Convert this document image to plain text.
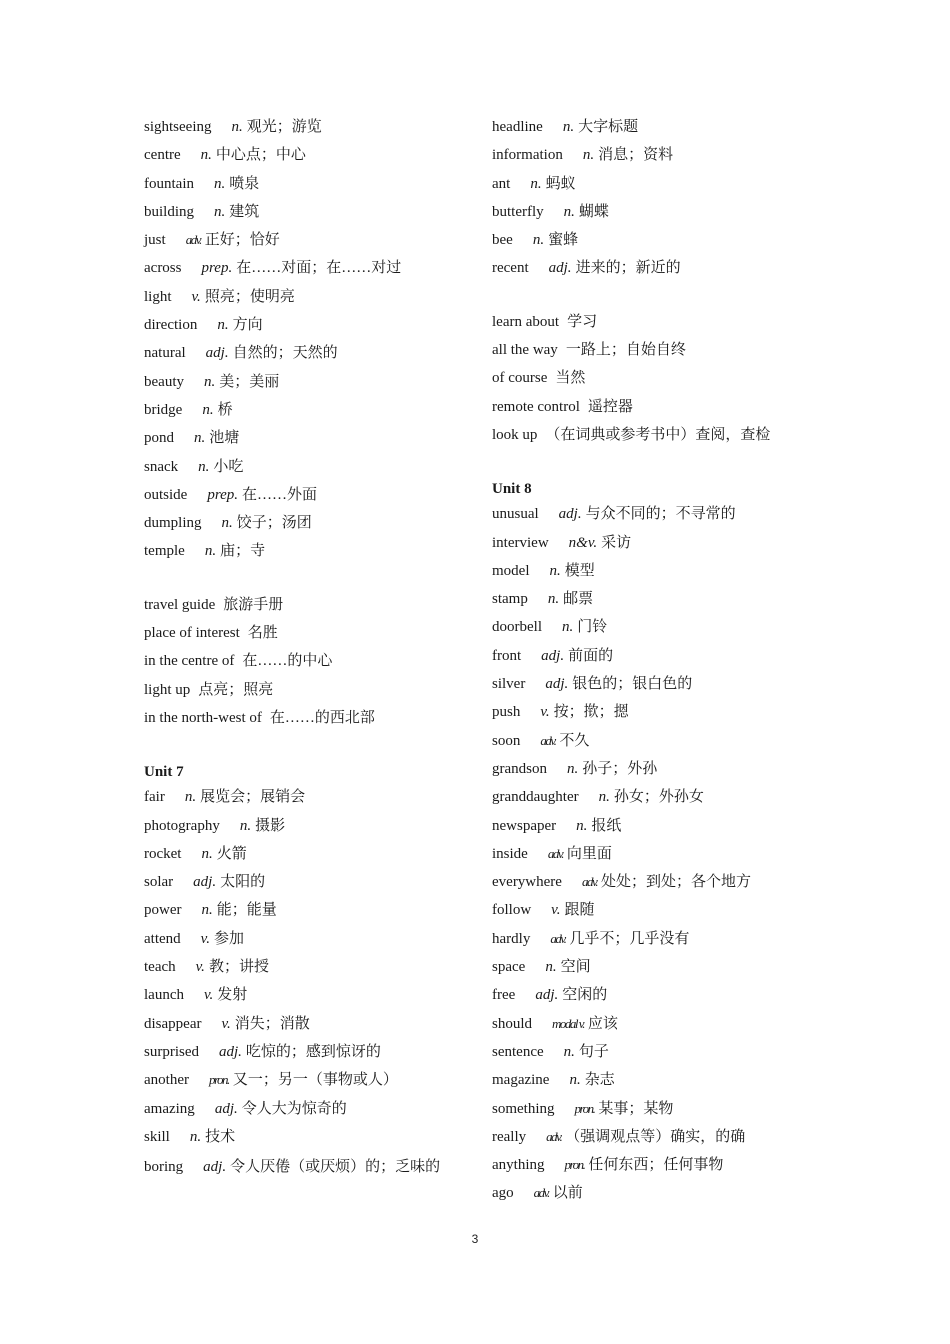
sightseeing n. 观光；游览
centre n. 中心点；中心
fountain n. 喷泉
building n. 建筑
just adv. 正好；恰好
across prep. 在……对面；在……对过
light v. 照亮；使明亮
direction n. 方向
natural adj. 自然的；天然的
beauty n. 美；美丽
bridge n. 桥
pond n. 池塘
snack n. 小吃
outside prep. 在……外面
dumpling n. 饺子；汤团
temple n. 庙；寺
travel guide 旅游手册
place of interest 名胜
in the centre of 在……的中心
light up 点亮；照亮
in the north-west of 在……的西北部
Unit 7
fair n. 展览会；展销会
photography n. 摄影
rocket n. 火箭
solar adj. 太阳的
power n. 能；能量
attend v. 参加
teach v. 教；讲授
launch v. 发射
disappear v. 消失；消散
surprised adj. 吃惊的；感到惊讶的
another pron. 又一；另一（事物或人）
amazing adj. 令人大为惊奇的
skill n. 技术
boring adj. 令人厌倦（或厌烦）的；乏味的
headline n. 大字标题
information n. 消息；资料
ant n. 蚂蚁
butterfly n. 蝴蝶
bee n. 蜜蜂
recent adj. 进来的；新近的
learn about 学习
all the way 一路上；自始自终
of course 当然
remote control 遥控器
look up （在词典或参考书中）查阅，查检
Unit 8
unusual adj. 与众不同的；不寻常的
interview n&v. 采访
model n. 模型
stamp n. 邮票
doorbell n. 门铃
front adj. 前面的
silver adj. 银色的；银白色的
push v. 按；揿；摁
soon adv. 不久
grandson n. 孙子；外孙
granddaughter n. 孙女；外孙女
newspaper n. 报纸
inside adv. 向里面
everywhere adv. 处处；到处；各个地方
follow v. 跟随
hardly adv. 几乎不；几乎没有
space n. 空间
free adj. 空闲的
should modal v. 应该
sentence n. 句子
magazine n. 杂志
something pron. 某事；某物
really adv. （强调观点等）确实，的确
anything pron. 任何东西；任何事物
ago adv. 以前
3
